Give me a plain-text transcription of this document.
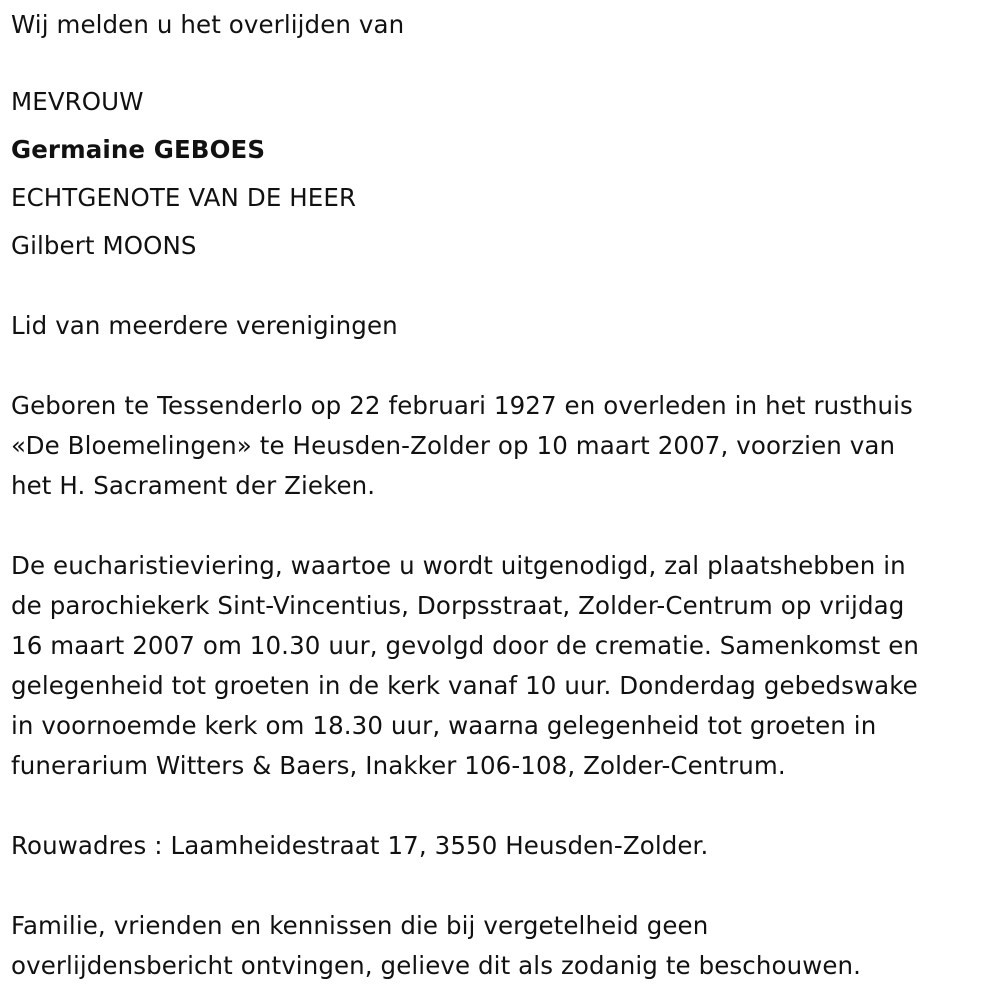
Wij melden u het overlijden van
MEVROUW
Germaine GEBOES
ECHTGENOTE VAN DE HEER
Gilbert MOONS
Lid van meerdere verenigingen
Geboren te Tessenderlo op 22 februari 1927 en overleden in het rusthuis
«De Bloemelingen» te Heusden-Zolder op 10 maart 2007, voorzien van
het H. Sacrament der Zieken.
De eucharistieviering, waartoe u wordt uitgenodigd, zal plaatshebben in
de parochiekerk Sint-Vincentius, Dorpsstraat, Zolder-Centrum op vrijdag
16 maart 2007 om 10.30 uur, gevolgd door de crematie. Samenkomst en
gelegenheid tot groeten in de kerk vanaf 10 uur. Donderdag gebedswake
in voornoemde kerk om 18.30 uur, waarna gelegenheid tot groeten in
funerarium Witters & Baers, Inakker 106-108, Zolder-Centrum.
Rouwadres : Laamheidestraat 17, 3550 Heusden-Zolder.
Familie, vrienden en kennissen die bij vergetelheid geen
overlijdensbericht ontvingen, gelieve dit als zodanig te beschouwen.
